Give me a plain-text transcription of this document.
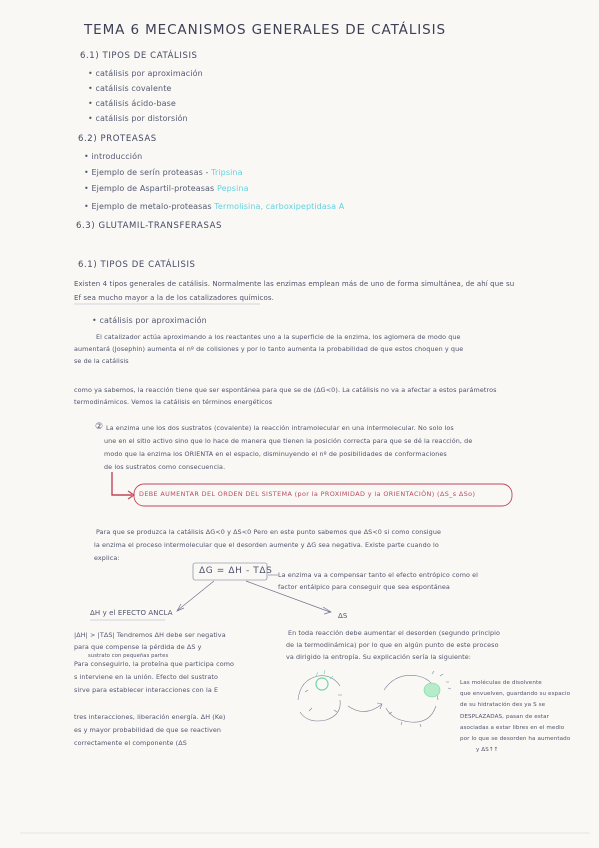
TEMA 6 MECANISMOS GENERALES DE CATÁLISIS
6.1) TIPOS DE CATÁLISIS
• catálisis por aproximación
• catálisis covalente
• catálisis ácido-base
• catálisis por distorsión
6.2) PROTEASAS
• introducción
• Ejemplo de serín proteasas - Tripsina
• Ejemplo de Aspartil-proteasas Pepsina
• Ejemplo de metalo-proteasas Termolisina, carboxipeptidasa A
6.3) GLUTAMIL-TRANSFERASAS
6.1) TIPOS DE CATÁLISIS
Existen 4 tipos generales de catálisis. Normalmente las enzimas emplean más de uno de forma simultánea, de ahí que su
Ef sea mucho mayor a la de los catalizadores químicos.
• catálisis por aproximación
El catalizador actúa aproximando a los reactantes uno a la superficie de la enzima, los aglomera de modo que
aumentará (Josephin) aumenta el nº de colisiones y por lo tanto aumenta la probabilidad de que estos choquen y que
se de la catálisis
como ya sabemos, la reacción tiene que ser espontánea para que se de (ΔG<0). La catálisis no va a afectar a estos parámetros
termodinámicos. Vemos la catálisis en términos energéticos
② La enzima une los dos sustratos (covalente) la reacción intramolecular en una intermolecular. No solo los
une en el sitio activo sino que lo hace de manera que tienen la posición correcta para que se dé la reacción, de
modo que la enzima los ORIENTA en el espacio, disminuyendo el nº de posibilidades de conformaciones
de los sustratos como consecuencia.
DEBE AUMENTAR DEL ORDEN DEL SISTEMA (por la PROXIMIDAD y la ORIENTACIÓN) (ΔS_s ΔSo)
Para que se produzca la catálisis ΔG<0 y ΔS<0 Pero en este punto sabemos que ΔS<0 si como consigue
la enzima el proceso intermolecular que el desorden aumente y ΔG sea negativa. Existe parte cuando lo
explica:
ΔG = ΔH - TΔS La enzima va a compensar tanto el efecto entrópico como el
factor entálpico para conseguir que sea espontánea
ΔH y el EFECTO ANCLA
|ΔH| > |TΔS| Tendremos ΔH debe ser negativa
para que compense la pérdida de ΔS y
sustrato con pequeñas partes
Para conseguirlo, la proteína que participa como
s interviene en la unión. Efecto del sustrato
sirve para establecer interacciones con la E
tres interacciones, liberación energía. ΔH (Ke)
es y mayor probabilidad de que se reactiven
correctamente el componente (ΔS
ΔS
En toda reacción debe aumentar el desorden (segundo principio
de la termodinámica) por lo que en algún punto de este proceso
va dirigido la entropía. Su explicación sería la siguiente:
Las moléculas de disolvente
que envuelven, guardando su espacio
de su hidratación des ya S se
DESPLAZADAS, pasan de estar
asociadas a estar libres en el medio
por lo que se desorden ha aumentado
y ΔS↑↑
